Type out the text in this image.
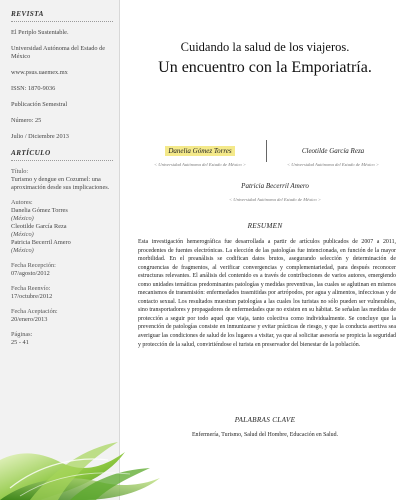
REVISTA

El Periplo Sustentable.

Universidad Autónoma del Estado de México

www.psus.uaemex.mx

ISSN: 1870-9036

Publicación Semestral

Número: 25

Julio / Diciembre 2013

ARTÍCULO

Título:

Turismo y dengue en Cozumel: una aproximación desde sus implicaciones.

Autores:

Danelia Gómez Torres
(México)
Cleotilde García Reza
(México)
Patricia Becerril Amero
(México)

Fecha Recepción:

07/agosto/2012

Fecha Reenvío:

17/octubre/2012

Fecha Aceptación:

20/enero/2013

Páginas:

25 - 41

Cuidando la salud de los viajeros.
Un encuentro con la Emporiatría.
Danelia Gómez Torres
< Universidad Autónoma del Estado de México >
Cleotilde García Reza
< Universidad Autónoma del Estado de México >
Patricia Becerril Amero
< Universidad Autónoma del Estado de México >
RESUMEN

Esta investigación hemerográfica fue desarrollada a partir de artículos publicados de 2007 a 2011, procedentes de fuentes electrónicas. La elección de las patologías fue intencionada, en función de la mayor morbilidad. En el preanálisis se codifican datos brutos, asegurando selección y determinación de congruencias de fragmentos, al verificar convergencias y complementariedad, para después reconocer estructuras relevantes. El análisis del contenido es a través de contribuciones de varios autores, emergiendo como unidades temáticas predominantes patologías y medidas preventivas, las cuales se aglutinan en mismos mecanismos de transmisión: enfermedades trasmitidas por artrópodos, por agua y alimentos, infecciosas y de contacto sexual. Los resultados muestran patologías a las cuales los turistas no sólo pueden ser vulnerables, sino transportadores y propagadores de enfermedades que no existen en su hábitat. Se señalan las medidas de protección a seguir por todo aquel que viaja, tanto colectiva como individualmente. Se concluye que la prevención de patologías consiste en inmunizarse y evitar prácticas de riesgo, y que la conducta asertiva sea averiguar las condiciones de salud de los lugares a visitar, ya que al solicitar asesoría se propicia la seguridad y protección de la salud, convirtiéndose el turista en preservador del bienestar de la población.

PALABRAS CLAVE
Enfermería, Turismo, Salud del Hombre, Educación en Salud.
